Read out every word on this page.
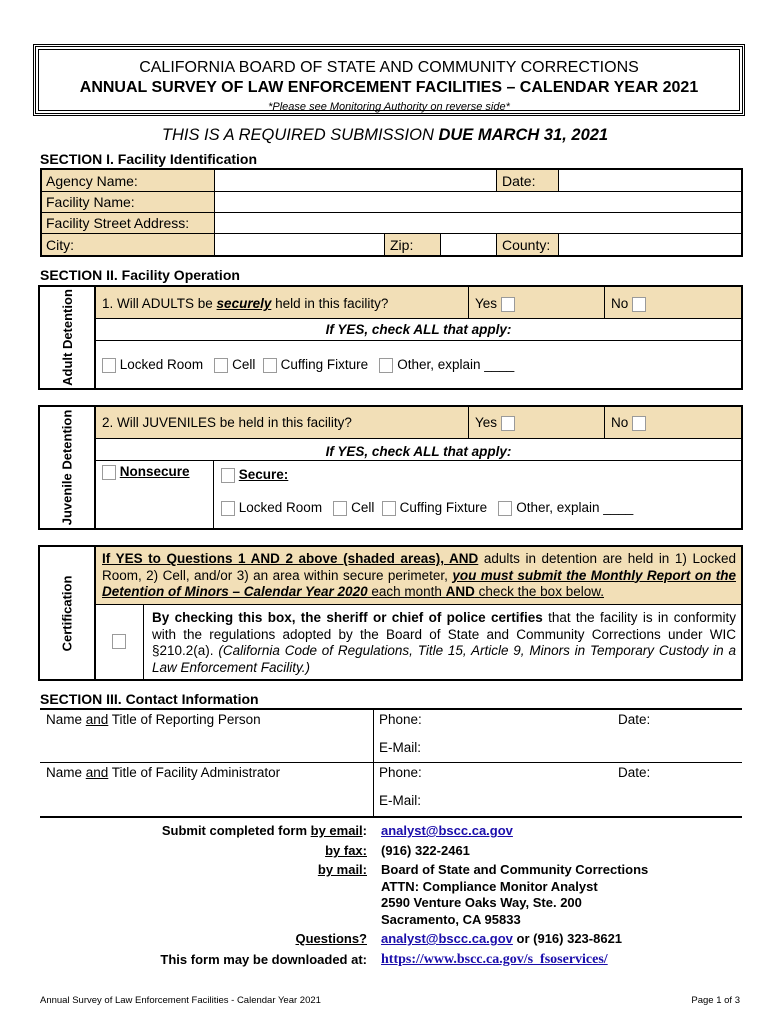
CALIFORNIA BOARD OF STATE AND COMMUNITY CORRECTIONS
ANNUAL SURVEY OF LAW ENFORCEMENT FACILITIES – CALENDAR YEAR 2021
*Please see Monitoring Authority on reverse side*
THIS IS A REQUIRED SUBMISSION DUE MARCH 31, 2021
SECTION I. Facility Identification
Agency Name:	Date:
Facility Name:
Facility Street Address:
City:	Zip:	County:
SECTION II. Facility Operation
Adult Detention 1. Will ADULTS be securely held in this facility?	Yes	No
If YES, check ALL that apply:
Locked Room Cell Cuffing Fixture Other, explain ____
Juvenile Detention 2. Will JUVENILES be held in this facility?	Yes	No
If YES, check ALL that apply:
Nonsecure	Secure:
Locked Room Cell Cuffing Fixture Other, explain ____
Certification
If YES to Questions 1 AND 2 above (shaded areas), AND adults in detention are held in 1) Locked Room, 2) Cell, and/or 3) an area within secure perimeter, you must submit the Monthly Report on the Detention of Minors – Calendar Year 2020 each month AND check the box below.
By checking this box, the sheriff or chief of police certifies that the facility is in conformity with the regulations adopted by the Board of State and Community Corrections under WIC §210.2(a). (California Code of Regulations, Title 15, Article 9, Minors in Temporary Custody in a Law Enforcement Facility.)
SECTION III. Contact Information
Name and Title of Reporting Person	Phone:	Date:
E-Mail:
Name and Title of Facility Administrator	Phone:	Date:
E-Mail:
Submit completed form by email: analyst@bscc.ca.gov
by fax: (916) 322-2461
by mail: Board of State and Community Corrections
ATTN: Compliance Monitor Analyst
2590 Venture Oaks Way, Ste. 200
Sacramento, CA 95833
Questions? analyst@bscc.ca.gov or (916) 323-8621
This form may be downloaded at: https://www.bscc.ca.gov/s_fsoservices/
Annual Survey of Law Enforcement Facilities - Calendar Year 2021	Page 1 of 3
